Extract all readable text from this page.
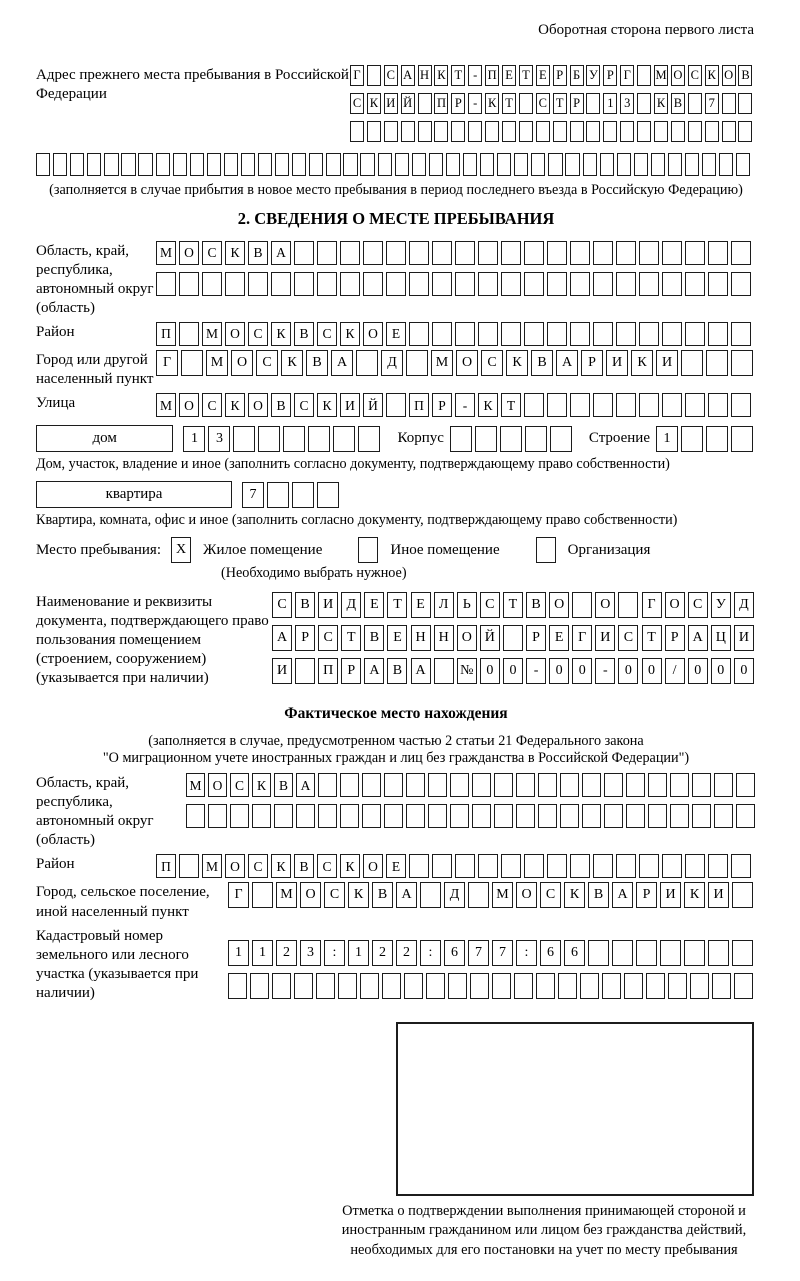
Оборотная сторона первого листа
Адрес прежнего места пребывания в Российской Федерации
Г С А Н К Т - П Е Т Е Р Б У Р Г М О С К О В
С К И Й П Р - К Т С Т Р	1 3	К В	7
(заполняется в случае прибытия в новое место пребывания в период последнего въезда в Российскую Федерацию)
2. СВЕДЕНИЯ О МЕСТЕ ПРЕБЫВАНИЯ
Область, край, республика, автономный округ (область)
М О	С	К	В	А
Район	П	М О	С	К	В	С	К	О	Е
Город или другой населенный пункт
Г	М О	С	К	В	А	Д	М О	С	К	В	А	Р	И	К	И
Улица	М О	С	К	О	В	С	К	И Й	П	Р	-	К	Т
дом	1	3	Корпус	Строение 1
Дом, участок, владение и иное (заполнить согласно документу, подтверждающему право собственности)
квартира	7
Квартира, комната, офис и иное (заполнить согласно документу, подтверждающему право собственности)
Место пребывания:	X	Жилое помещение	Иное помещение	Организация
(Необходимо выбрать нужное)
Наименование и реквизиты документа, подтверждающего право пользования помещением (строением, сооружением) (указывается при наличии)
С В И Д	Е	Т	Е	Л	Ь	С	Т	В О	О	Г О С У Д
А	Р	С	Т	В	Е Н Н О Й	Р	Е	Г И С	Т	Р	А Ц И
И	П	Р	А В А	№ 0	0	-	0	0	-	0	0	/	0	0	0
Фактическое место нахождения
(заполняется в случае, предусмотренном частью 2 статьи 21 Федерального закона
"О миграционном учете иностранных граждан и лиц без гражданства в Российской Федерации")
Область, край, республика, автономный округ (область)
М О С К В А
Район	П	М О	С	К	В	С	К	О	Е
Город, сельское поселение, иной населенный пункт
Г	М О	С	К	В	А	Д	М О	С	К	В	А	Р	И	К	И
Кадастровый номер земельного или лесного участка (указывается при наличии)
1	1	2	3	:	1	2	2	:	6	7	7	:	6	6
Отметка о подтверждении выполнения принимающей стороной и иностранным гражданином или лицом без гражданства действий, необходимых для его постановки на учет по месту пребывания
